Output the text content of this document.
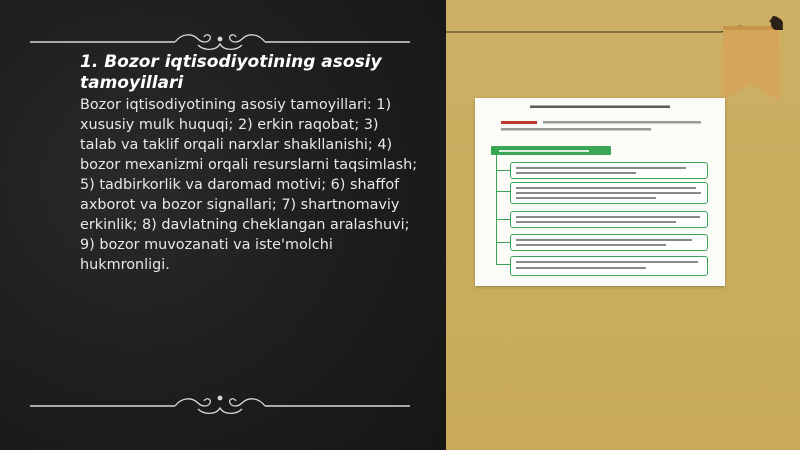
1. Bozor iqtisodiyotining asosiy tamoyillari

Bozor iqtisodiyotining asosiy tamoyillari: 1) xususiy mulk huquqi; 2) erkin raqobat; 3) talab va taklif orqali narxlar shakllanishi; 4) bozor mexanizmi orqali resurslarni taqsimlash; 5) tadbirkorlik va daromad motivi; 6) shaffof axborot va bozor signallari; 7) shartnomaviy erkinlik; 8) davlatning cheklangan aralashuvi; 9) bozor muvozanati va iste'molchi hukmronligi.
